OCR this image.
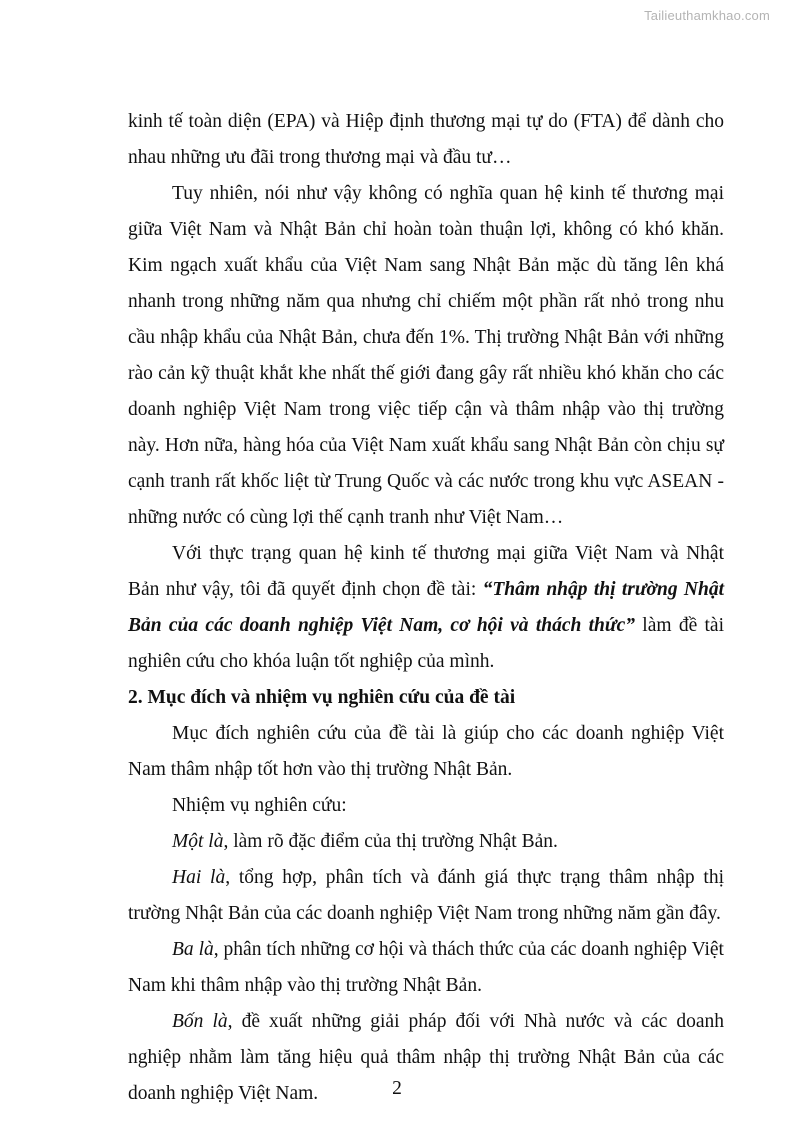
Tailieuthamkhao.com

kinh tế toàn diện (EPA) và Hiệp định thương mại tự do (FTA) để dành cho nhau những ưu đãi trong thương mại và đầu tư…

Tuy nhiên, nói như vậy không có nghĩa quan hệ kinh tế thương mại giữa Việt Nam và Nhật Bản chỉ hoàn toàn thuận lợi, không có khó khăn. Kim ngạch xuất khẩu của Việt Nam sang Nhật Bản mặc dù tăng lên khá nhanh trong những năm qua nhưng chỉ chiếm một phần rất nhỏ trong nhu cầu nhập khẩu của Nhật Bản, chưa đến 1%. Thị trường Nhật Bản với những rào cản kỹ thuật khắt khe nhất thế giới đang gây rất nhiều khó khăn cho các doanh nghiệp Việt Nam trong việc tiếp cận và thâm nhập vào thị trường này. Hơn nữa, hàng hóa của Việt Nam xuất khẩu sang Nhật Bản còn chịu sự cạnh tranh rất khốc liệt từ Trung Quốc và các nước trong khu vực ASEAN - những nước có cùng lợi thế cạnh tranh như Việt Nam…

Với thực trạng quan hệ kinh tế thương mại giữa Việt Nam và Nhật Bản như vậy, tôi đã quyết định chọn đề tài: “Thâm nhập thị trường Nhật Bản của các doanh nghiệp Việt Nam, cơ hội và thách thức” làm đề tài nghiên cứu cho khóa luận tốt nghiệp của mình.

2. Mục đích và nhiệm vụ nghiên cứu của đề tài

Mục đích nghiên cứu của đề tài là giúp cho các doanh nghiệp Việt Nam thâm nhập tốt hơn vào thị trường Nhật Bản.

Nhiệm vụ nghiên cứu:

Một là, làm rõ đặc điểm của thị trường Nhật Bản.

Hai là, tổng hợp, phân tích và đánh giá thực trạng thâm nhập thị trường Nhật Bản của các doanh nghiệp Việt Nam trong những năm gần đây.

Ba là, phân tích những cơ hội và thách thức của các doanh nghiệp Việt Nam khi thâm nhập vào thị trường Nhật Bản.

Bốn là, đề xuất những giải pháp đối với Nhà nước và các doanh nghiệp nhằm làm tăng hiệu quả thâm nhập thị trường Nhật Bản của các doanh nghiệp Việt Nam.	2
